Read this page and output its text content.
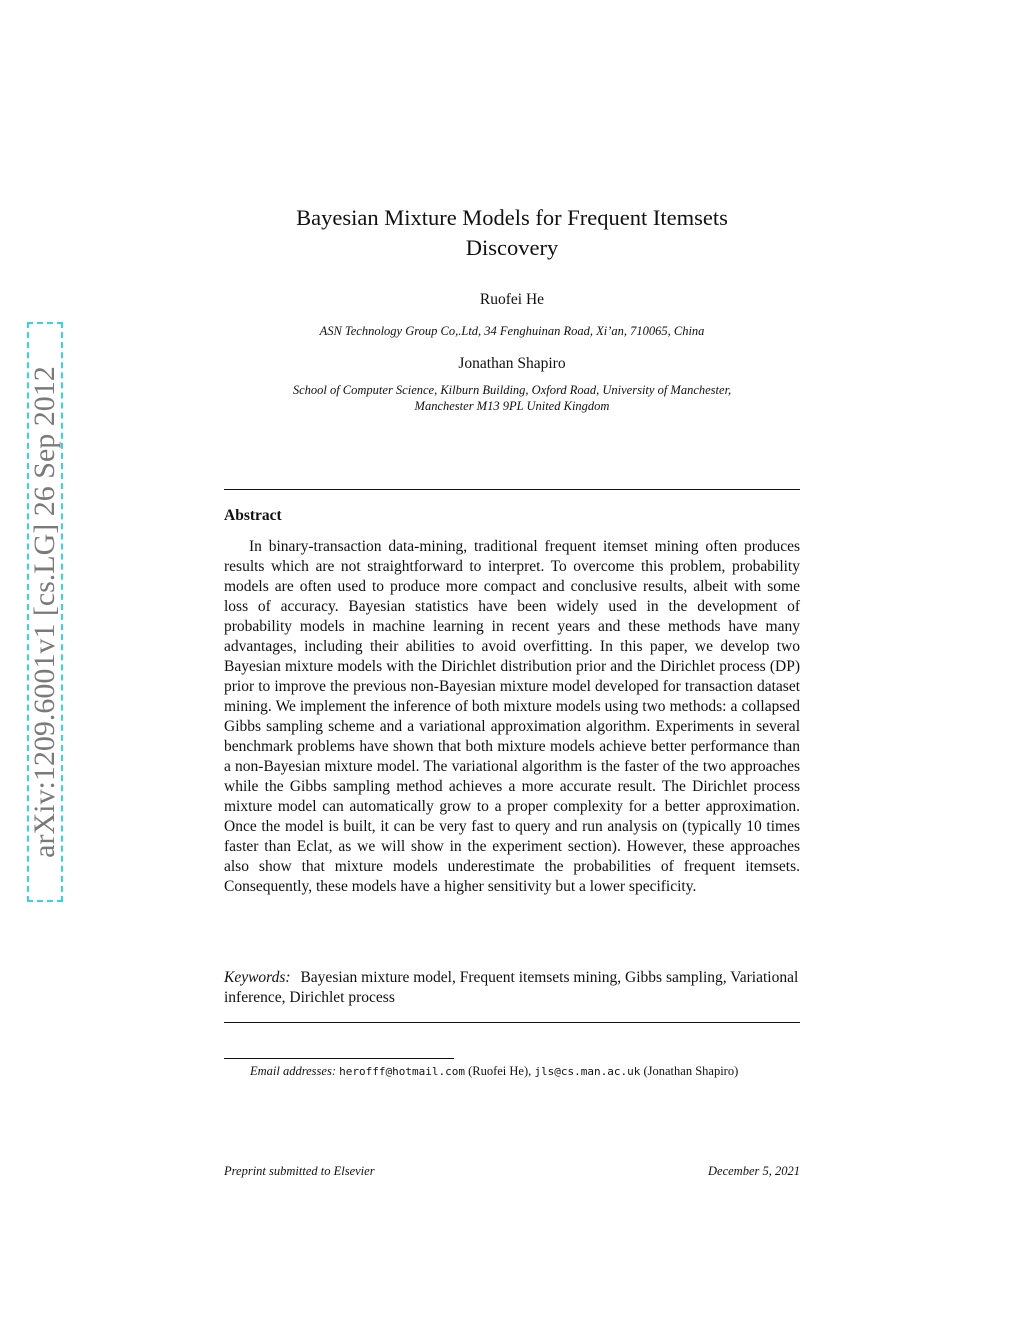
arXiv:1209.6001v1 [cs.LG] 26 Sep 2012
Bayesian Mixture Models for Frequent Itemsets
Discovery
Ruofei He
ASN Technology Group Co,.Ltd, 34 Fenghuinan Road, Xi’an, 710065, China
Jonathan Shapiro
School of Computer Science, Kilburn Building, Oxford Road, University of Manchester,
Manchester M13 9PL United Kingdom
Abstract
In binary-transaction data-mining, traditional frequent itemset mining often produces results which are not straightforward to interpret. To overcome this problem, probability models are often used to produce more compact and conclusive results, albeit with some loss of accuracy. Bayesian statistics have been widely used in the development of probability models in machine learning in recent years and these methods have many advantages, including their abilities to avoid overfitting. In this paper, we develop two Bayesian mixture models with the Dirichlet distribution prior and the Dirichlet process (DP) prior to improve the previous non-Bayesian mixture model developed for transaction dataset mining. We implement the inference of both mixture models using two methods: a collapsed Gibbs sampling scheme and a variational approximation algorithm. Experiments in several benchmark problems have shown that both mixture models achieve better performance than a non-Bayesian mixture model. The variational algorithm is the faster of the two approaches while the Gibbs sampling method achieves a more accurate result. The Dirichlet process mixture model can automatically grow to a proper complexity for a better approximation. Once the model is built, it can be very fast to query and run analysis on (typically 10 times faster than Eclat, as we will show in the experiment section). However, these approaches also show that mixture models underestimate the probabilities of frequent itemsets. Consequently, these models have a higher sensitivity but a lower specificity.
Keywords: Bayesian mixture model, Frequent itemsets mining, Gibbs sampling, Variational inference, Dirichlet process
Email addresses: herofff@hotmail.com (Ruofei He), jls@cs.man.ac.uk (Jonathan Shapiro)
Preprint submitted to Elsevier	December 5, 2021
